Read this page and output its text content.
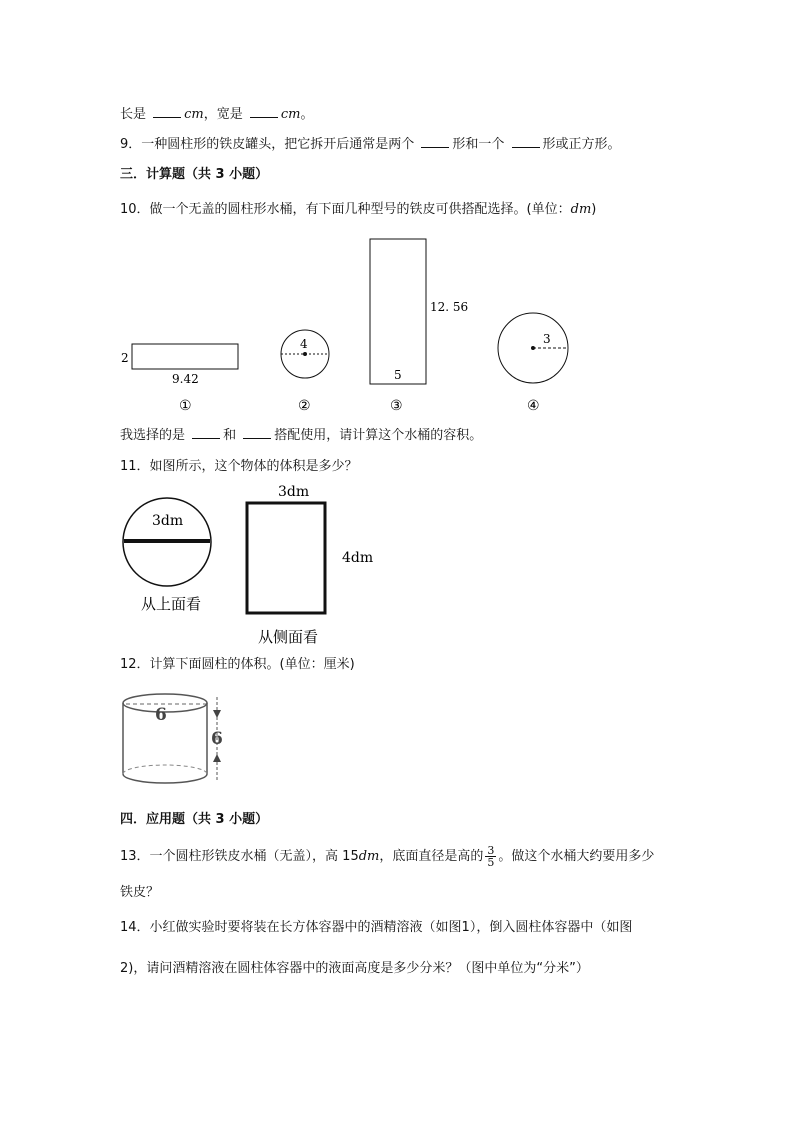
长是	cm，宽是	cm。
9．一种圆柱形的铁皮罐头，把它拆开后通常是两个	形和一个	形或正方形。
三．计算题（共 3 小题）
10．做一个无盖的圆柱形水桶，有下面几种型号的铁皮可供搭配选择。(单位：dm)
2
9.42
①
4
②
12. 56
5
③
3
④
我选择的是	和	搭配使用，请计算这个水桶的容积。
11．如图所示，这个物体的体积是多少？
3dm
从上面看
3dm
4dm
从侧面看
12．计算下面圆柱的体积。(单位：厘米)
6
6
四．应用题（共 3 小题）
13．一个圆柱形铁皮水桶（无盖），高 15dm，底面直径是高的 $\frac{3}{5}$ 。做这个水桶大约要用多少
铁皮？
14．小红做实验时要将装在长方体容器中的酒精溶液（如图1），倒入圆柱体容器中（如图
2)，请问酒精溶液在圆柱体容器中的液面高度是多少分米？（图中单位为“分米”）
